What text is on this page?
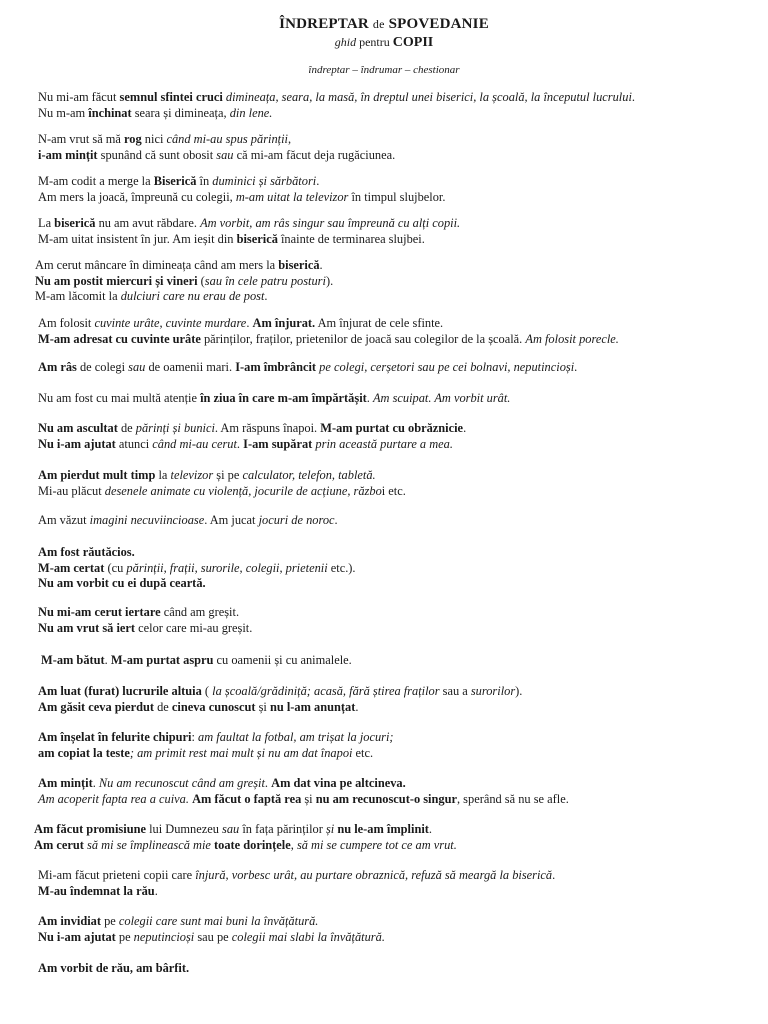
ÎNDREPTAR de SPOVEDANIE
ghid pentru COPII
îndreptar – îndrumar – chestionar
Nu mi-am făcut semnul sfintei cruci dimineața, seara, la masă, în dreptul unei biserici, la școală, la începutul lucrului.
Nu m-am închinat seara și dimineața, din lene.
N-am vrut să mă rog nici când mi-au spus părinții,
i-am mințit spunând că sunt obosit sau că mi-am făcut deja rugăciunea.
M-am codit a merge la Biserică în duminici și sărbători.
Am mers la joacă, împreună cu colegii, m-am uitat la televizor în timpul slujbelor.
La biserică nu am avut răbdare. Am vorbit, am râs singur sau împreună cu alți copii.
M-am uitat insistent în jur. Am ieșit din biserică înainte de terminarea slujbei.
Am cerut mâncare în dimineața când am mers la biserică.
Nu am postit miercuri și vineri (sau în cele patru posturi).
M-am lăcomit la dulciuri care nu erau de post.
Am folosit cuvinte urâte, cuvinte murdare. Am înjurat. Am înjurat de cele sfinte.
M-am adresat cu cuvinte urâte părinților, fraților, prietenilor de joacă sau colegilor de la școală. Am folosit porecle.
Am râs de colegi sau de oamenii mari. I-am îmbrâncit pe colegi, cerșetori sau pe cei bolnavi, neputincioși.
Nu am fost cu mai multă atenție în ziua în care m-am împărtășit. Am scuipat. Am vorbit urât.
Nu am ascultat de părinți și bunici. Am răspuns înapoi. M-am purtat cu obrăznicie.
Nu i-am ajutat atunci când mi-au cerut. I-am supărat prin această purtare a mea.
Am pierdut mult timp la televizor și pe calculator, telefon, tabletă.
Mi-au plăcut desenele animate cu violență, jocurile de acțiune, război etc.
Am văzut imagini necuviincioase. Am jucat jocuri de noroc.
Am fost răutăcios.
M-am certat (cu părinții, frații, surorile, colegii, prietenii etc.).
Nu am vorbit cu ei după ceartă.
Nu mi-am cerut iertare când am greșit.
Nu am vrut să iert celor care mi-au greșit.
M-am bătut. M-am purtat aspru cu oamenii și cu animalele.
Am luat (furat) lucrurile altuia ( la școală/grădiniță; acasă, fără știrea fraților sau a surorilor).
Am găsit ceva pierdut de cineva cunoscut și nu l-am anunțat.
Am înșelat în felurite chipuri: am faultat la fotbal, am trișat la jocuri;
am copiat la teste; am primit rest mai mult și nu am dat înapoi etc.
Am mințit. Nu am recunoscut când am greșit. Am dat vina pe altcineva.
Am acoperit fapta rea a cuiva. Am făcut o faptă rea și nu am recunoscut-o singur, sperând să nu se afle.
Am făcut promisiune lui Dumnezeu sau în fața părinților și nu le-am împlinit.
Am cerut să mi se împlinească mie toate dorințele, să mi se cumpere tot ce am vrut.
Mi-am făcut prieteni copii care înjură, vorbesc urât, au purtare obraznică, refuză să meargă la biserică.
M-au îndemnat la rău.
Am invidiat pe colegii care sunt mai buni la învățătură.
Nu i-am ajutat pe neputincioși sau pe colegii mai slabi la învățătură.
Am vorbit de rău, am bârfit.
